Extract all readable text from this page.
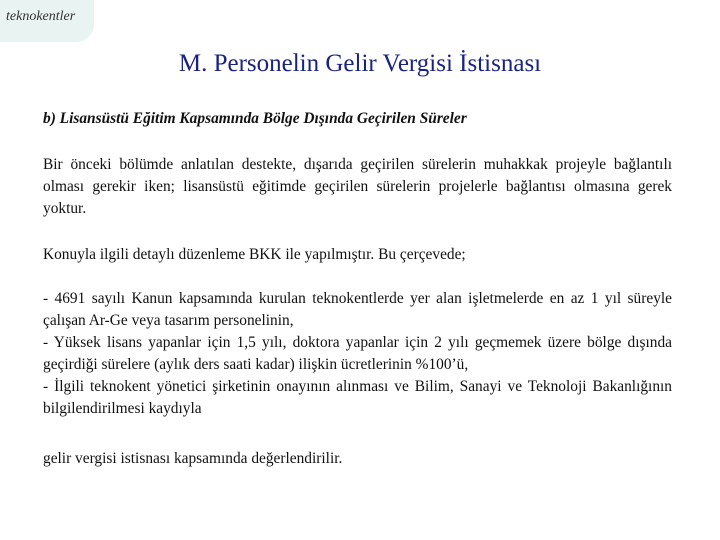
teknokentler
M. Personelin Gelir Vergisi İstisnası

b) Lisansüstü Eğitim Kapsamında Bölge Dışında Geçirilen Süreler

Bir önceki bölümde anlatılan destekte, dışarıda geçirilen sürelerin muhakkak projeyle bağlantılı olması gerekir iken; lisansüstü eğitimde geçirilen sürelerin projelerle bağlantısı olmasına gerek yoktur.

Konuyla ilgili detaylı düzenleme BKK ile yapılmıştır. Bu çerçevede;

- 4691 sayılı Kanun kapsamında kurulan teknokentlerde yer alan işletmelerde en az 1 yıl süreyle çalışan Ar-Ge veya tasarım personelinin,

- Yüksek lisans yapanlar için 1,5 yılı, doktora yapanlar için 2 yılı geçmemek üzere bölge dışında geçirdiği sürelere (aylık ders saati kadar) ilişkin ücretlerinin %100’ü,

- İlgili teknokent yönetici şirketinin onayının alınması ve Bilim, Sanayi ve Teknoloji Bakanlığının bilgilendirilmesi kaydıyla

gelir vergisi istisnası kapsamında değerlendirilir.
